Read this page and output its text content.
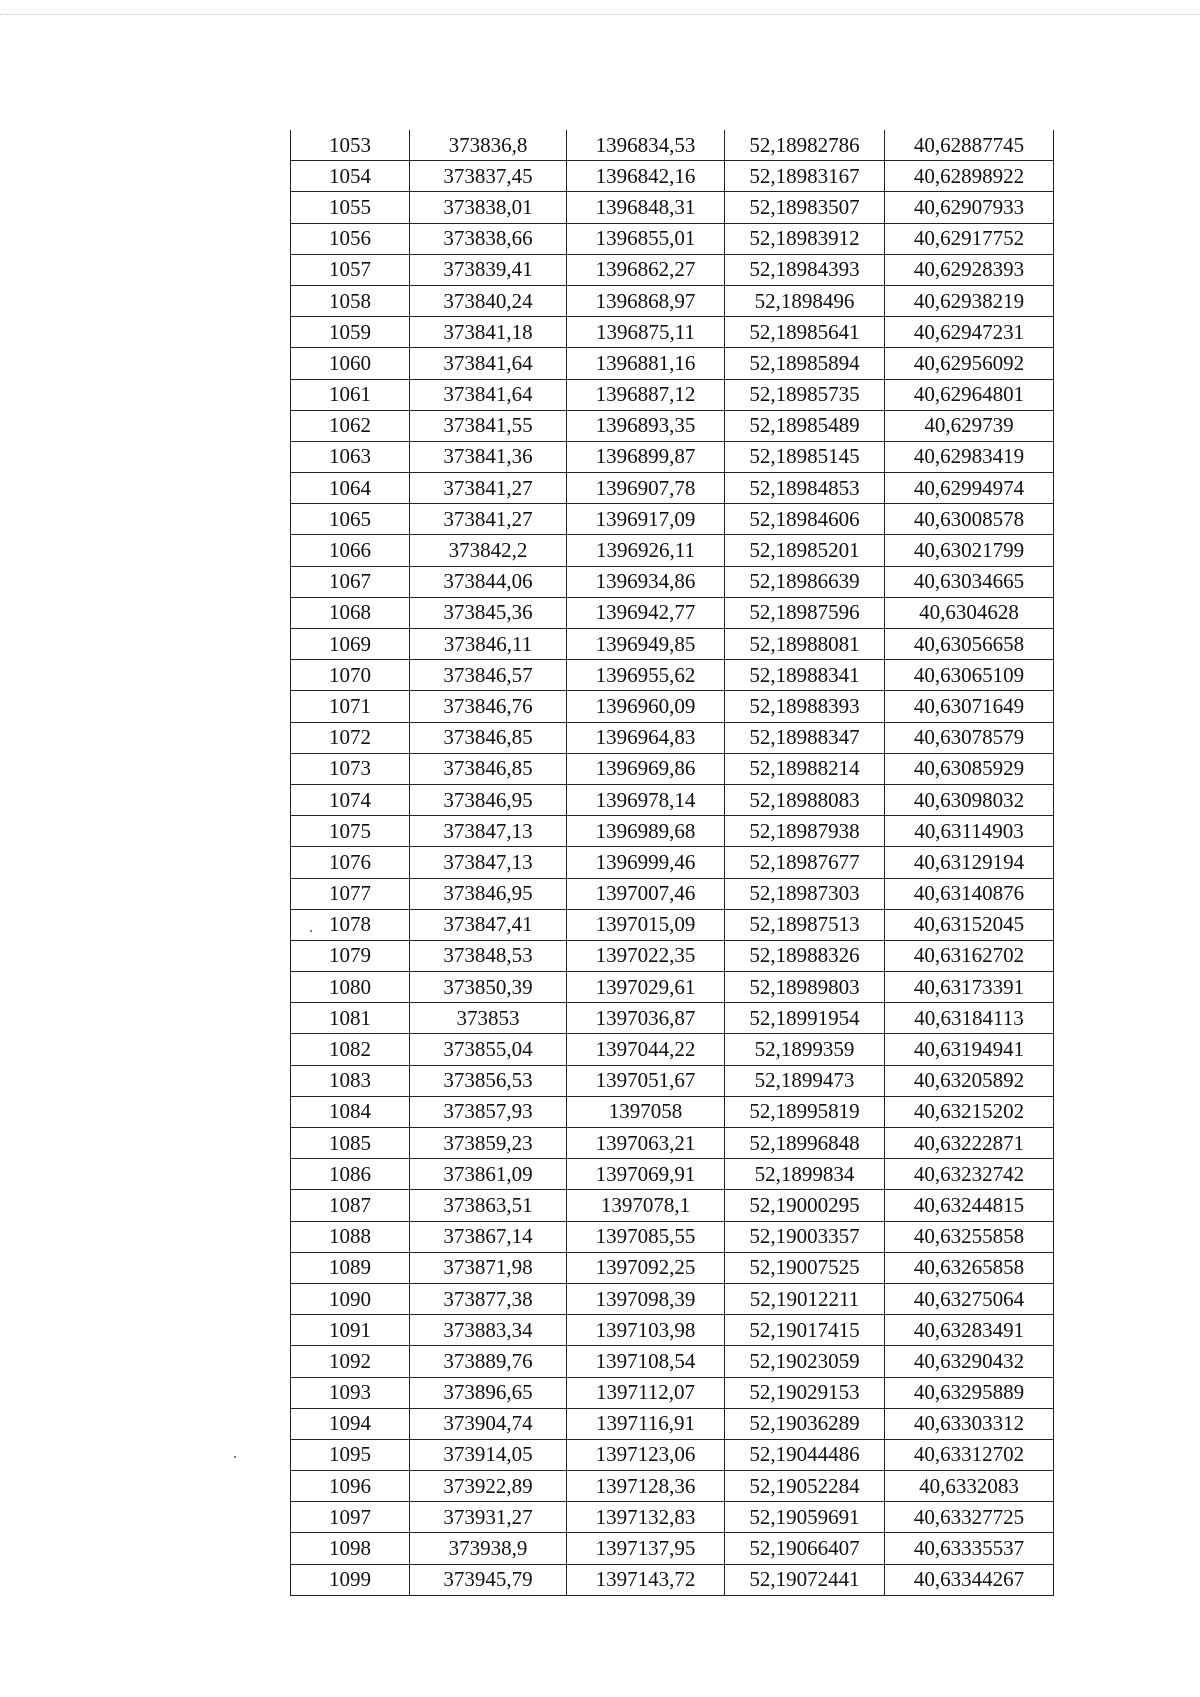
1053	373836,8	1396834,53	52,18982786	40,62887745
1054	373837,45	1396842,16	52,18983167	40,62898922
1055	373838,01	1396848,31	52,18983507	40,62907933
1056	373838,66	1396855,01	52,18983912	40,62917752
1057	373839,41	1396862,27	52,18984393	40,62928393
1058	373840,24	1396868,97	52,1898496	40,62938219
1059	373841,18	1396875,11	52,18985641	40,62947231
1060	373841,64	1396881,16	52,18985894	40,62956092
1061	373841,64	1396887,12	52,18985735	40,62964801
1062	373841,55	1396893,35	52,18985489	40,629739
1063	373841,36	1396899,87	52,18985145	40,62983419
1064	373841,27	1396907,78	52,18984853	40,62994974
1065	373841,27	1396917,09	52,18984606	40,63008578
1066	373842,2	1396926,11	52,18985201	40,63021799
1067	373844,06	1396934,86	52,18986639	40,63034665
1068	373845,36	1396942,77	52,18987596	40,6304628
1069	373846,11	1396949,85	52,18988081	40,63056658
1070	373846,57	1396955,62	52,18988341	40,63065109
1071	373846,76	1396960,09	52,18988393	40,63071649
1072	373846,85	1396964,83	52,18988347	40,63078579
1073	373846,85	1396969,86	52,18988214	40,63085929
1074	373846,95	1396978,14	52,18988083	40,63098032
1075	373847,13	1396989,68	52,18987938	40,63114903
1076	373847,13	1396999,46	52,18987677	40,63129194
1077	373846,95	1397007,46	52,18987303	40,63140876
1078	373847,41	1397015,09	52,18987513	40,63152045
1079	373848,53	1397022,35	52,18988326	40,63162702
1080	373850,39	1397029,61	52,18989803	40,63173391
1081	373853	1397036,87	52,18991954	40,63184113
1082	373855,04	1397044,22	52,1899359	40,63194941
1083	373856,53	1397051,67	52,1899473	40,63205892
1084	373857,93	1397058	52,18995819	40,63215202
1085	373859,23	1397063,21	52,18996848	40,63222871
1086	373861,09	1397069,91	52,1899834	40,63232742
1087	373863,51	1397078,1	52,19000295	40,63244815
1088	373867,14	1397085,55	52,19003357	40,63255858
1089	373871,98	1397092,25	52,19007525	40,63265858
1090	373877,38	1397098,39	52,19012211	40,63275064
1091	373883,34	1397103,98	52,19017415	40,63283491
1092	373889,76	1397108,54	52,19023059	40,63290432
1093	373896,65	1397112,07	52,19029153	40,63295889
1094	373904,74	1397116,91	52,19036289	40,63303312
1095	373914,05	1397123,06	52,19044486	40,63312702
1096	373922,89	1397128,36	52,19052284	40,6332083
1097	373931,27	1397132,83	52,19059691	40,63327725
1098	373938,9	1397137,95	52,19066407	40,63335537
1099	373945,79	1397143,72	52,19072441	40,63344267
